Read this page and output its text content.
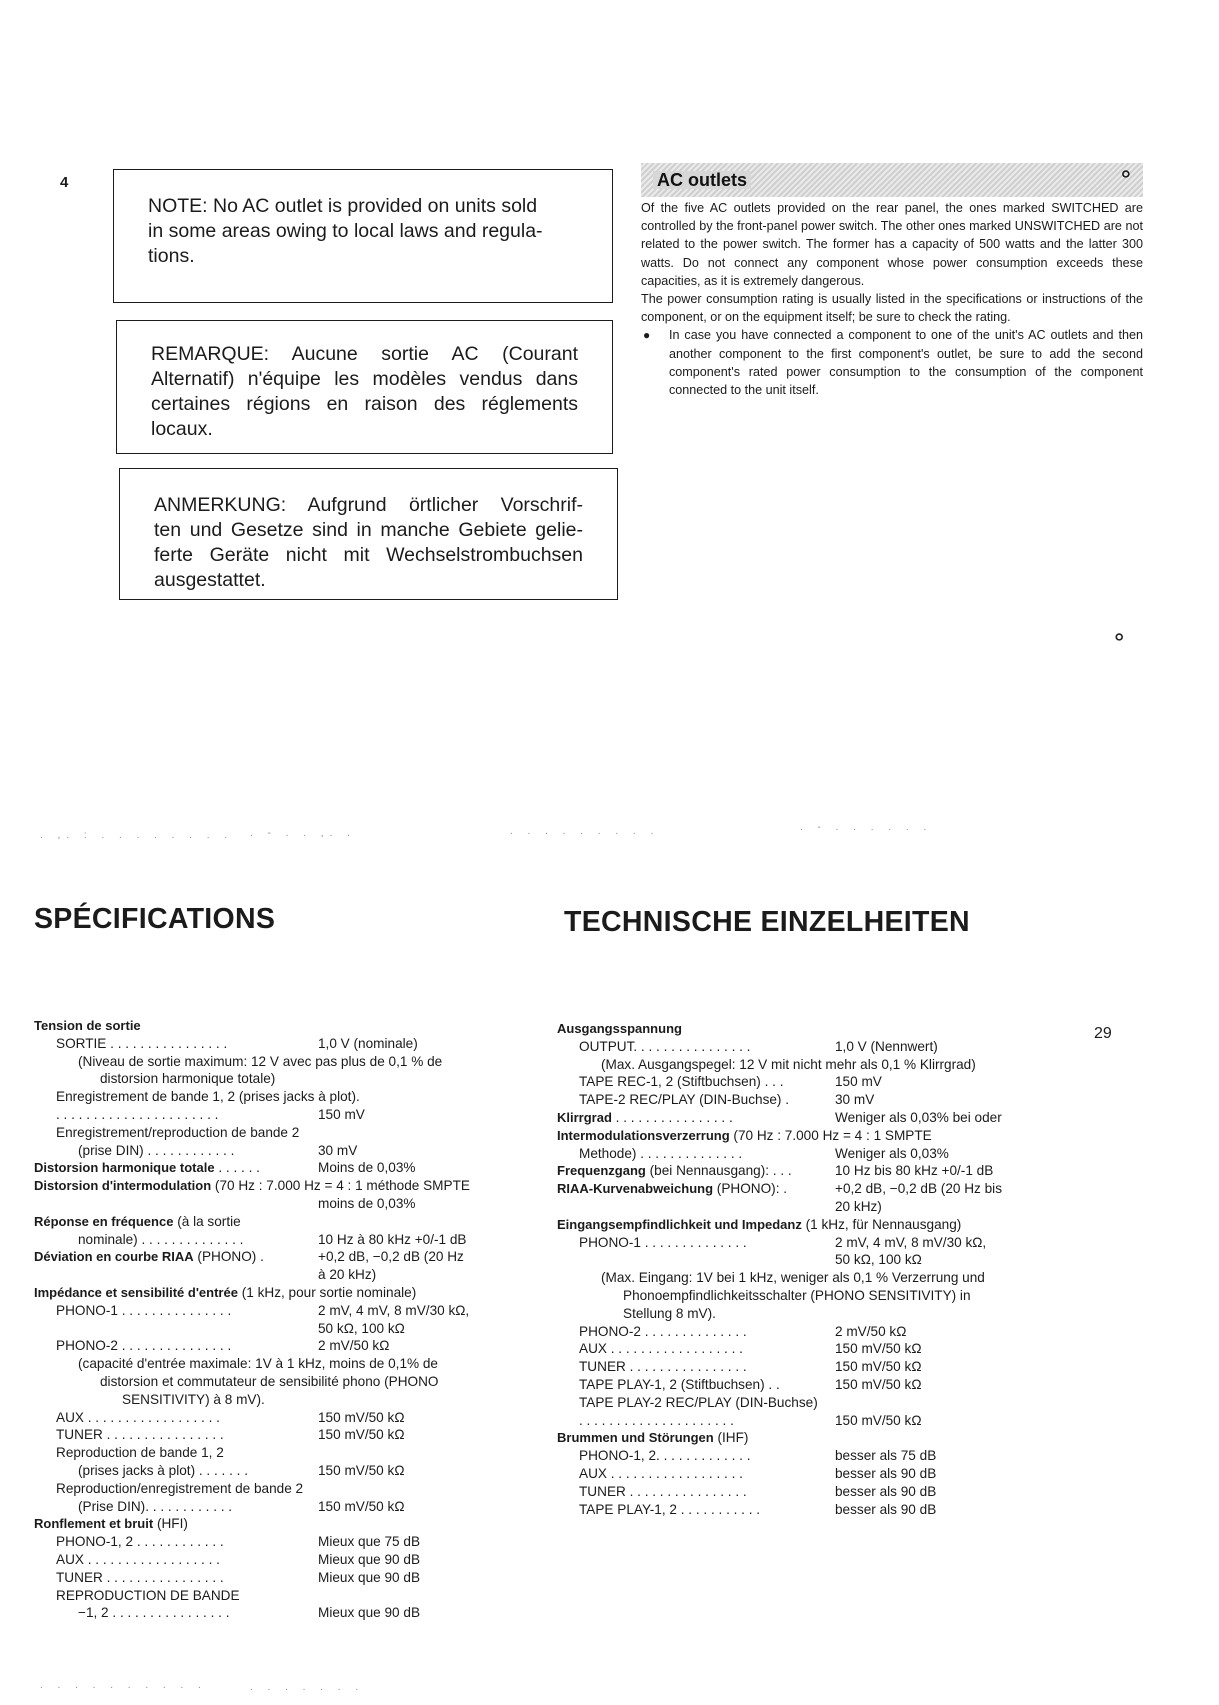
4
29

NOTE: No AC outlet is provided on units sold

in some areas owing to local laws and regula-

tions.

REMARQUE: Aucune sortie AC (Courant

Alternatif) n'équipe les modèles vendus dans

certaines régions en raison des réglements

locaux.

ANMERKUNG: Aufgrund örtlicher Vorschrif-

ten und Gesetze sind in manche Gebiete gelie-

ferte Geräte nicht mit Wechselstrombuchsen

ausgestattet.

AC outlets	⚬

Of the five AC outlets provided on the rear panel, the ones marked SWITCHED are controlled by the front-panel power switch. The other ones marked UNSWITCHED are not related to the power switch. The former has a capacity of 500 watts and the latter 300 watts. Do not connect any component whose power consumption exceeds these capacities, as it is extremely dangerous.

The power consumption rating is usually listed in the specifications or instructions of the component, or on the equipment itself; be sure to check the rating.

●	In case you have connected a component to one of the unit's AC outlets and then another component to the first component's outlet, be sure to add the second component's rated power consumption to the consumption of the component connected to the unit itself.
⚬
. ,. : . . . . . . . . . - . . ,. .	. . . . . . . . .	. - . . . . . .
. . . . . . . . . .	. . . . . . .
SPÉCIFICATIONS	TECHNISCHE EINZELHEITEN
Tension de sortie
SORTIE . . . . . . . . . . . . . . . .	1,0 V (nominale)
(Niveau de sortie maximum: 12 V avec pas plus de 0,1 % de
distorsion harmonique totale)
Enregistrement de bande 1, 2 (prises jacks à plot).
. . . . . . . . . . . . . . . . . . . . . .	150 mV
Enregistrement/reproduction de bande 2
(prise DIN) . . . . . . . . . . . .	30 mV
Distorsion harmonique totale . . . . . .	Moins de 0,03%
Distorsion d'intermodulation (70 Hz : 7.000 Hz = 4 : 1 méthode SMPTE
moins de 0,03%
Réponse en fréquence (à la sortie
nominale) . . . . . . . . . . . . . .	10 Hz à 80 kHz +0/-1 dB
Déviation en courbe RIAA (PHONO) .	+0,2 dB, −0,2 dB (20 Hz
à 20 kHz)
Impédance et sensibilité d'entrée (1 kHz, pour sortie nominale)
PHONO-1 . . . . . . . . . . . . . . .	2 mV, 4 mV, 8 mV/30 kΩ,
50 kΩ, 100 kΩ
PHONO-2 . . . . . . . . . . . . . . .	2 mV/50 kΩ
(capacité d'entrée maximale: 1V à 1 kHz, moins de 0,1% de
distorsion et commutateur de sensibilité phono (PHONO
SENSITIVITY) à 8 mV).
AUX . . . . . . . . . . . . . . . . . .	150 mV/50 kΩ
TUNER . . . . . . . . . . . . . . . .	150 mV/50 kΩ
Reproduction de bande 1, 2
(prises jacks à plot) . . . . . . .	150 mV/50 kΩ
Reproduction/enregistrement de bande 2
(Prise DIN). . . . . . . . . . . .	150 mV/50 kΩ
Ronflement et bruit (HFI)
PHONO-1, 2 . . . . . . . . . . . .	Mieux que 75 dB
AUX . . . . . . . . . . . . . . . . . .	Mieux que 90 dB
TUNER . . . . . . . . . . . . . . . .	Mieux que 90 dB
REPRODUCTION DE BANDE
−1, 2 . . . . . . . . . . . . . . . .	Mieux que 90 dB
Ausgangsspannung
OUTPUT. . . . . . . . . . . . . . . .	1,0 V (Nennwert)
(Max. Ausgangspegel: 12 V mit nicht mehr als 0,1 % Klirrgrad)
TAPE REC-1, 2 (Stiftbuchsen) . . .	150 mV
TAPE-2 REC/PLAY (DIN-Buchse) .	30 mV
Klirrgrad . . . . . . . . . . . . . . . .	Weniger als 0,03% bei oder
Intermodulationsverzerrung (70 Hz : 7.000 Hz = 4 : 1 SMPTE
Methode) . . . . . . . . . . . . . .	Weniger als 0,03%
Frequenzgang (bei Nennausgang): . . .	10 Hz bis 80 kHz +0/-1 dB
RIAA-Kurvenabweichung (PHONO): .	+0,2 dB, −0,2 dB (20 Hz bis
20 kHz)
Eingangsempfindlichkeit und Impedanz (1 kHz, für Nennausgang)
PHONO-1 . . . . . . . . . . . . . .	2 mV, 4 mV, 8 mV/30 kΩ,
50 kΩ, 100 kΩ
(Max. Eingang: 1V bei 1 kHz, weniger als 0,1 % Verzerrung und
Phonoempfindlichkeitsschalter (PHONO SENSITIVITY) in
Stellung 8 mV).
PHONO-2 . . . . . . . . . . . . . .	2 mV/50 kΩ
AUX . . . . . . . . . . . . . . . . . .	150 mV/50 kΩ
TUNER . . . . . . . . . . . . . . . .	150 mV/50 kΩ
TAPE PLAY-1, 2 (Stiftbuchsen) . .	150 mV/50 kΩ
TAPE PLAY-2 REC/PLAY (DIN-Buchse)
. . . . . . . . . . . . . . . . . . . . .	150 mV/50 kΩ
Brummen und Störungen (IHF)
PHONO-1, 2. . . . . . . . . . . . .	besser als 75 dB
AUX . . . . . . . . . . . . . . . . . .	besser als 90 dB
TUNER . . . . . . . . . . . . . . . .	besser als 90 dB
TAPE PLAY-1, 2 . . . . . . . . . . .	besser als 90 dB
